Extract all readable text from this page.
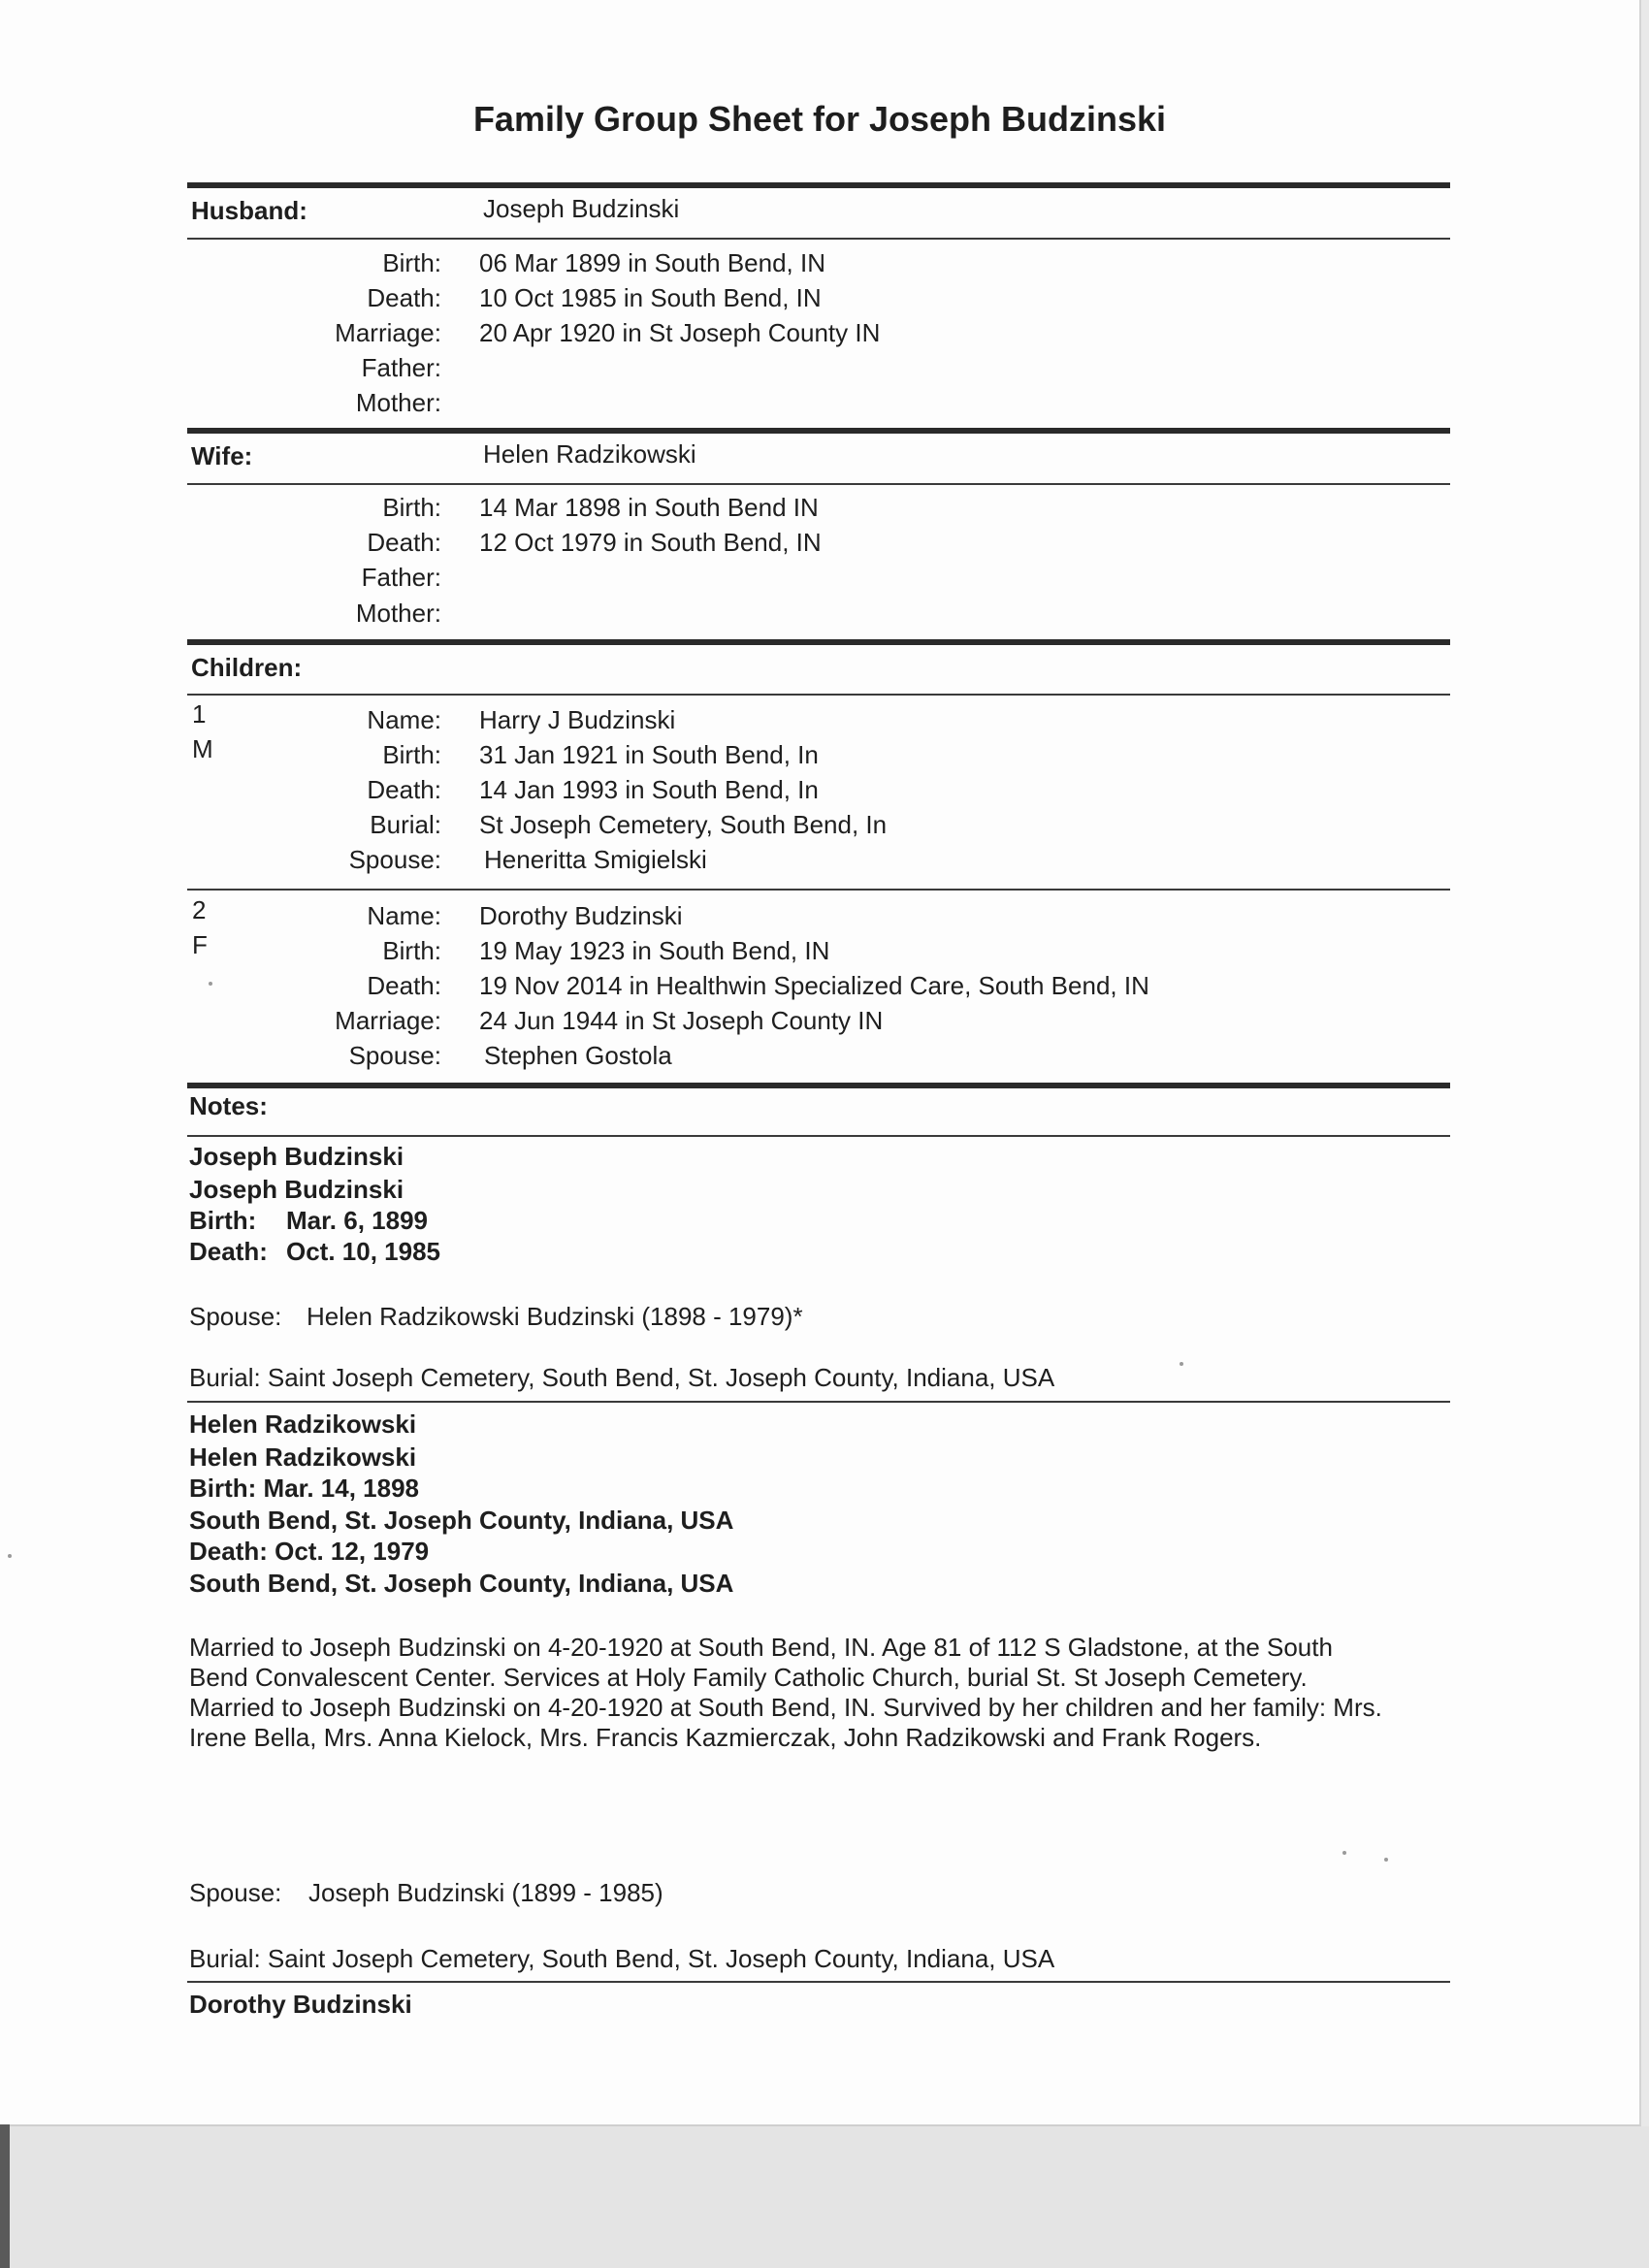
Family Group Sheet for Joseph Budzinski
Husband:	Joseph Budzinski
Birth: 06 Mar 1899 in South Bend, IN
Death: 10 Oct 1985 in South Bend, IN
Marriage: 20 Apr 1920 in St Joseph County IN
Father:
Mother:
Wife:	Helen Radzikowski
Birth: 14 Mar 1898 in South Bend IN
Death: 12 Oct 1979 in South Bend, IN
Father:
Mother:
Children:
1
M
Name: Harry J Budzinski
Birth: 31 Jan 1921 in South Bend, In
Death: 14 Jan 1993 in South Bend, In
Burial: St Joseph Cemetery, South Bend, In
Spouse: Heneritta Smigielski
2
F
Name: Dorothy Budzinski
Birth: 19 May 1923 in South Bend, IN
Death: 19 Nov 2014 in Healthwin Specialized Care, South Bend, IN
Marriage: 24 Jun 1944 in St Joseph County IN
Spouse: Stephen Gostola
Notes:
Joseph Budzinski
Joseph Budzinski
Birth: Mar. 6, 1899
Death: Oct. 10, 1985
Spouse: Helen Radzikowski Budzinski (1898 - 1979)*
Burial: Saint Joseph Cemetery, South Bend, St. Joseph County, Indiana, USA
Helen Radzikowski
Helen Radzikowski
Birth: Mar. 14, 1898
South Bend, St. Joseph County, Indiana, USA
Death: Oct. 12, 1979
South Bend, St. Joseph County, Indiana, USA

Married to Joseph Budzinski on 4-20-1920 at South Bend, IN. Age 81 of 112 S Gladstone, at the South

Bend Convalescent Center. Services at Holy Family Catholic Church, burial St. St Joseph Cemetery.

Married to Joseph Budzinski on 4-20-1920 at South Bend, IN. Survived by her children and her family: Mrs.

Irene Bella, Mrs. Anna Kielock, Mrs. Francis Kazmierczak, John Radzikowski and Frank Rogers.

Spouse: Joseph Budzinski (1899 - 1985)
Burial: Saint Joseph Cemetery, South Bend, St. Joseph County, Indiana, USA
Dorothy Budzinski
